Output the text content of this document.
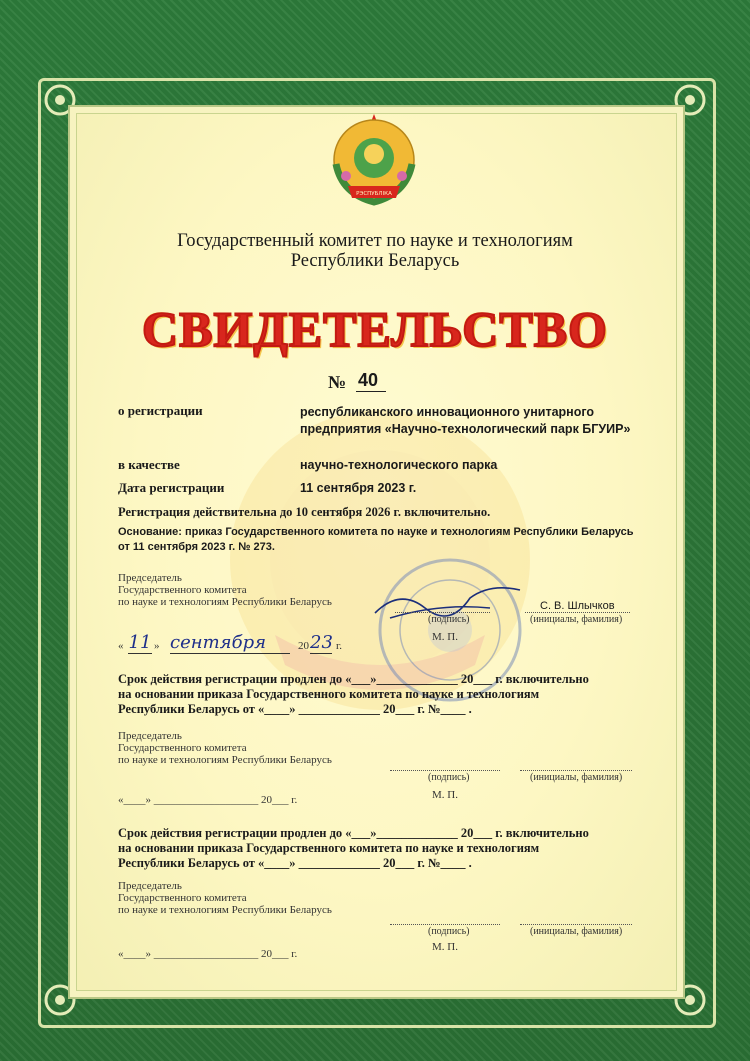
РЭСПУБЛІКА
Государственный комитет по науке и технологиям
Республики Беларусь
СВИДЕТЕЛЬСТВО
№ 40
о регистрации	республиканского инновационного унитарного
предприятия «Научно-технологический парк БГУИР»
в качестве	научно-технологического парка
Дата регистрации	11 сентября 2023 г.
Регистрация действительна до 10 сентября 2026 г. включительно.
Основание: приказ Государственного комитета по науке и технологиям Республики Беларусь
от 11 сентября 2023 г. № 273.
Председатель
Государственного комитета
по науке и технологиям Республики Беларусь	С. В. Шлычков
(подпись)	(инициалы, фамилия)
М. П.
« 11 » сентября	20 23 г.
Срок действия регистрации продлен до «___»_____________ 20___ г. включительно
на основании приказа Государственного комитета по науке и технологиям
Республики Беларусь от «____» _____________ 20___ г. №____ .
Председатель
Государственного комитета
по науке и технологиям Республики Беларусь
(подпись)	(инициалы, фамилия)
М. П.
«____» ___________________ 20___ г.
Срок действия регистрации продлен до «___»_____________ 20___ г. включительно
на основании приказа Государственного комитета по науке и технологиям
Республики Беларусь от «____» _____________ 20___ г. №____ .
Председатель
Государственного комитета
по науке и технологиям Республики Беларусь
(подпись)	(инициалы, фамилия)
М. П.
«____» ___________________ 20___ г.
